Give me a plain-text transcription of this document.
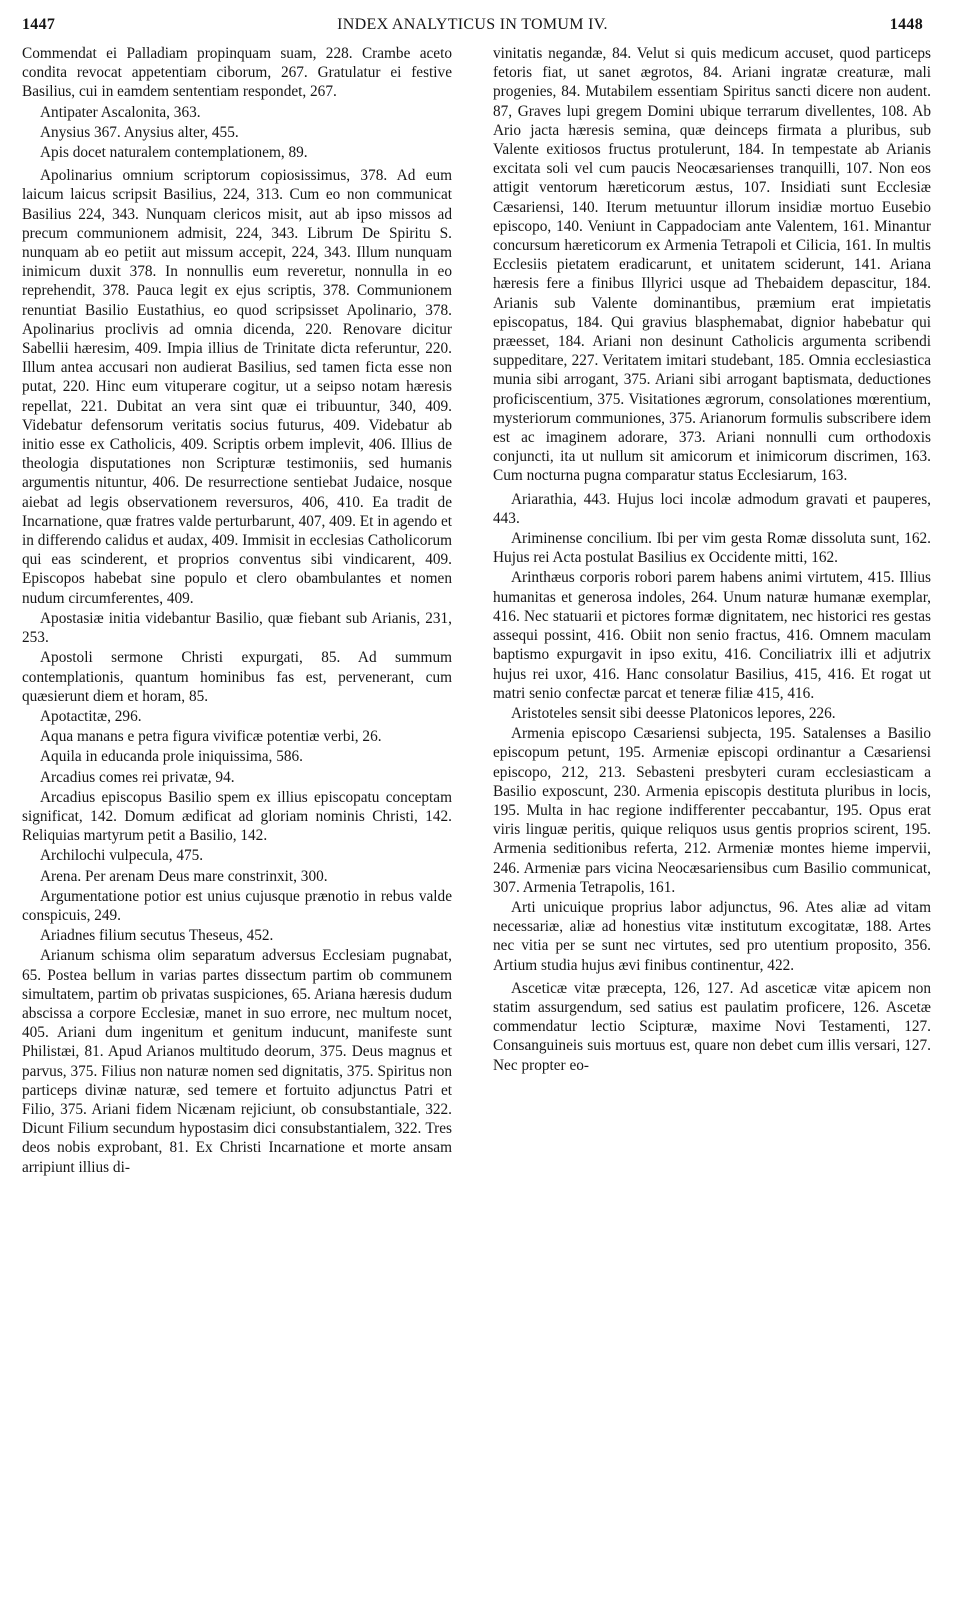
1447	INDEX ANALYTICUS IN TOMUM IV.	1448

Commendat ei Palladiam propinquam suam, 228. Crambe aceto condita revocat appetentiam ciborum, 267. Gratulatur ei festive Basilius, cui in eamdem sententiam respondet, 267.

Antipater Ascalonita, 363.

Anysius 367. Anysius alter, 455.

Apis docet naturalem contemplationem, 89.

Apolinarius omnium scriptorum copiosissimus, 378. Ad eum laicum laicus scripsit Basilius, 224, 313. Cum eo non communicat Basilius 224, 343. Nunquam clericos misit, aut ab ipso missos ad precum communionem admisit, 224, 343. Librum De Spiritu S. nunquam ab eo petiit aut missum accepit, 224, 343. Illum nunquam inimicum duxit 378. In nonnullis eum reveretur, nonnulla in eo reprehendit, 378. Pauca legit ex ejus scriptis, 378. Communionem renuntiat Basilio Eustathius, eo quod scripsisset Apolinario, 378. Apolinarius proclivis ad omnia dicenda, 220. Renovare dicitur Sabellii hæresim, 409. Impia illius de Trinitate dicta referuntur, 220. Illum antea accusari non audierat Basilius, sed tamen ficta esse non putat, 220. Hinc eum vituperare cogitur, ut a seipso notam hæresis repellat, 221. Dubitat an vera sint quæ ei tribuuntur, 340, 409. Videbatur defensorum veritatis socius futurus, 409. Videbatur ab initio esse ex Catholicis, 409. Scriptis orbem implevit, 406. Illius de theologia disputationes non Scripturæ testimoniis, sed humanis argumentis nituntur, 406. De resurrectione sentiebat Judaice, nosque aiebat ad legis observationem reversuros, 406, 410. Ea tradit de Incarnatione, quæ fratres valde perturbarunt, 407, 409. Et in agendo et in differendo calidus et audax, 409. Immisit in ecclesias Catholicorum qui eas scinderent, et proprios conventus sibi vindicarent, 409. Episcopos habebat sine populo et clero obambulantes et nomen nudum circumferentes, 409.

Apostasiæ initia videbantur Basilio, quæ fiebant sub Arianis, 231, 253.

Apostoli sermone Christi expurgati, 85. Ad summum contemplationis, quantum hominibus fas est, pervenerant, cum quæsierunt diem et horam, 85.

Apotactitæ, 296.

Aqua manans e petra figura vivificæ potentiæ verbi, 26.

Aquila in educanda prole iniquissima, 586.

Arcadius comes rei privatæ, 94.

Arcadius episcopus Basilio spem ex illius episcopatu conceptam significat, 142. Domum ædificat ad gloriam nominis Christi, 142. Reliquias martyrum petit a Basilio, 142.

Archilochi vulpecula, 475.

Arena. Per arenam Deus mare constrinxit, 300.

Argumentatione potior est unius cujusque prænotio in rebus valde conspicuis, 249.

Ariadnes filium secutus Theseus, 452.

Arianum schisma olim separatum adversus Ecclesiam pugnabat, 65. Postea bellum in varias partes dissectum partim ob communem simultatem, partim ob privatas suspiciones, 65. Ariana hæresis dudum abscissa a corpore Ecclesiæ, manet in suo errore, nec multum nocet, 405. Ariani dum ingenitum et genitum inducunt, manifeste sunt Philistæi, 81. Apud Arianos multitudo deorum, 375. Deus magnus et parvus, 375. Filius non naturæ nomen sed dignitatis, 375. Spiritus non particeps divinæ naturæ, sed temere et fortuito adjunctus Patri et Filio, 375. Ariani fidem Nicænam rejiciunt, ob consubstantiale, 322. Dicunt Filium secundum hypostasim dici consubstantialem, 322. Tres deos nobis exprobant, 81. Ex Christi Incarnatione et morte ansam arripiunt illius di-

vinitatis negandæ, 84. Velut si quis medicum accuset, quod particeps fetoris fiat, ut sanet ægrotos, 84. Ariani ingratæ creaturæ, mali progenies, 84. Mutabilem essentiam Spiritus sancti dicere non audent. 87, Graves lupi gregem Domini ubique terrarum divellentes, 108. Ab Ario jacta hæresis semina, quæ deinceps firmata a pluribus, sub Valente exitiosos fructus protulerunt, 184. In tempestate ab Arianis excitata soli vel cum paucis Neocæsarienses tranquilli, 107. Non eos attigit ventorum hæreticorum æstus, 107. Insidiati sunt Ecclesiæ Cæsariensi, 140. Iterum metuuntur illorum insidiæ mortuo Eusebio episcopo, 140. Veniunt in Cappadociam ante Valentem, 161. Minantur concursum hæreticorum ex Armenia Tetrapoli et Cilicia, 161. In multis Ecclesiis pietatem eradicarunt, et unitatem sciderunt, 141. Ariana hæresis fere a finibus Illyrici usque ad Thebaidem depascitur, 184. Arianis sub Valente dominantibus, præmium erat impietatis episcopatus, 184. Qui gravius blasphemabat, dignior habebatur qui præesset, 184. Ariani non desinunt Catholicis argumenta scribendi suppeditare, 227. Veritatem imitari studebant, 185. Omnia ecclesiastica munia sibi arrogant, 375. Ariani sibi arrogant baptismata, deductiones proficiscentium, 375. Visitationes ægrorum, consolationes mœrentium, mysteriorum communiones, 375. Arianorum formulis subscribere idem est ac imaginem adorare, 373. Ariani nonnulli cum orthodoxis conjuncti, ita ut nullum sit amicorum et inimicorum discrimen, 163. Cum nocturna pugna comparatur status Ecclesiarum, 163.

Ariarathia, 443. Hujus loci incolæ admodum gravati et pauperes, 443.

Ariminense concilium. Ibi per vim gesta Romæ dissoluta sunt, 162. Hujus rei Acta postulat Basilius ex Occidente mitti, 162.

Arinthæus corporis robori parem habens animi virtutem, 415. Illius humanitas et generosa indoles, 264. Unum naturæ humanæ exemplar, 416. Nec statuarii et pictores formæ dignitatem, nec historici res gestas assequi possint, 416. Obiit non senio fractus, 416. Omnem maculam baptismo expurgavit in ipso exitu, 416. Conciliatrix illi et adjutrix hujus rei uxor, 416. Hanc consolatur Basilius, 415, 416. Et rogat ut matri senio confectæ parcat et teneræ filiæ 415, 416.

Aristoteles sensit sibi deesse Platonicos lepores, 226.

Armenia episcopo Cæsariensi subjecta, 195. Satalenses a Basilio episcopum petunt, 195. Armeniæ episcopi ordinantur a Cæsariensi episcopo, 212, 213. Sebasteni presbyteri curam ecclesiasticam a Basilio exposcunt, 230. Armenia episcopis destituta pluribus in locis, 195. Multa in hac regione indifferenter peccabantur, 195. Opus erat viris linguæ peritis, quique reliquos usus gentis proprios scirent, 195. Armenia seditionibus referta, 212. Armeniæ montes hieme impervii, 246. Armeniæ pars vicina Neocæsariensibus cum Basilio communicat, 307. Armenia Tetrapolis, 161.

Arti unicuique proprius labor adjunctus, 96. Ates aliæ ad vitam necessariæ, aliæ ad honestius vitæ institutum excogitatæ, 188. Artes nec vitia per se sunt nec virtutes, sed pro utentium proposito, 356. Artium studia hujus ævi finibus continentur, 422.

Asceticæ vitæ præcepta, 126, 127. Ad asceticæ vitæ apicem non statim assurgendum, sed satius est paulatim proficere, 126. Ascetæ commendatur lectio Scipturæ, maxime Novi Testamenti, 127. Consanguineis suis mortuus est, quare non debet cum illis versari, 127. Nec propter eo-
